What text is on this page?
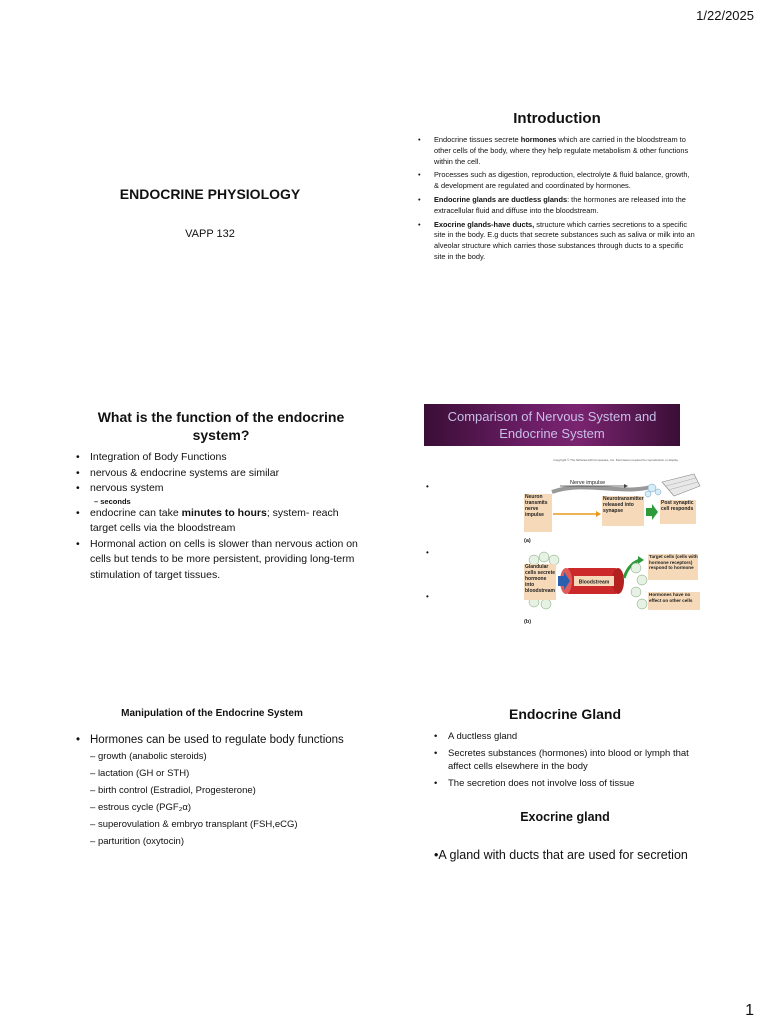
1/22/2025
1
ENDOCRINE PHYSIOLOGY
VAPP 132
Introduction
• Endocrine tissues secrete hormones which are carried in the bloodstream to other cells of the body, where they help regulate metabolism & other functions within the cell.
• Processes such as digestion, reproduction, electrolyte & fluid balance, growth, & development are regulated and coordinated by hormones.
• Endocrine glands are ductless glands: the hormones are released into the extracellular fluid and diffuse into the bloodstream.
• Exocrine glands-have ducts, structure which carries secretions to a specific site in the body. E.g ducts that secrete substances such as saliva or milk into an alveolar structure which carries those substances through ducts to a specific site in the body.
What is the function of the endocrine system?
• Integration of Body Functions
• nervous & endocrine systems are similar
• nervous system
– seconds
• endocrine can take minutes to hours; system- reach target cells via the bloodstream
• Hormonal action on cells is slower than nervous action on cells but tends to be more persistent, providing long-term stimulation of target tissues.
Comparison of Nervous System and Endocrine System
•
•
•
Copyright © The McGraw-Hill Companies, Inc. Permission required for reproduction or display.
Nerve impulse
Neuron transmits nerve impulse
Neurotransmitter released into synapse
Post synaptic cell responds
(a)
Glandular cells secrete hormone into bloodstream
Bloodstream
Target cells (cells with hormone receptors) respond to hormone
Hormones have no effect on other cells
(b)
Manipulation of the Endocrine System
• Hormones can be used to regulate body functions
– growth (anabolic steroids)
– lactation (GH or STH)
– birth control (Estradiol, Progesterone)
– estrous cycle (PGF₂α)
– superovulation & embryo transplant (FSH,eCG)
– parturition (oxytocin)
Endocrine Gland
• A ductless gland
• Secretes substances (hormones) into blood or lymph that affect cells elsewhere in the body
• The secretion does not involve loss of tissue
Exocrine gland
•A gland with ducts that are used for secretion
